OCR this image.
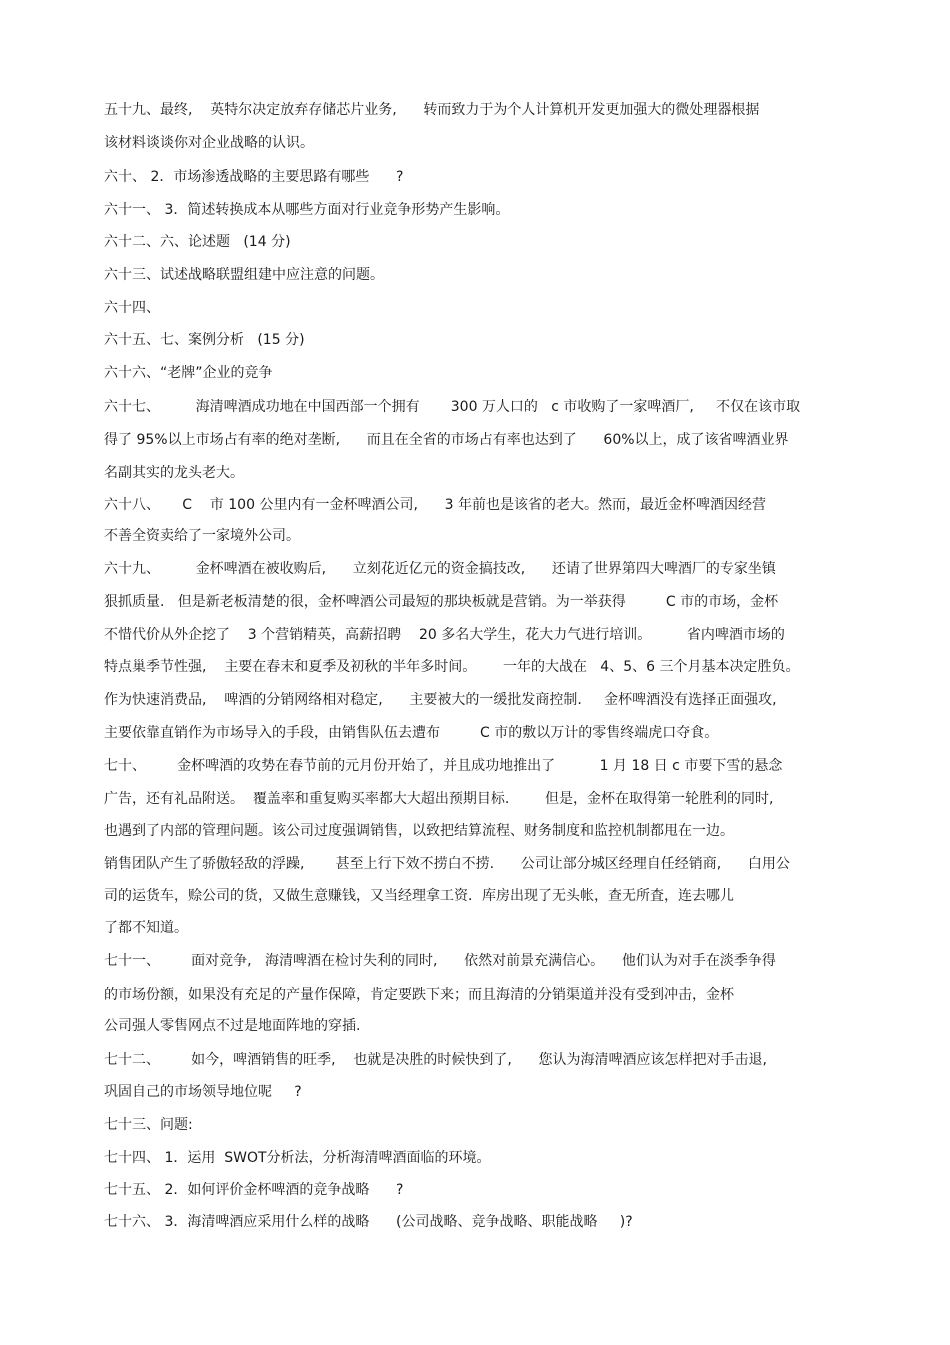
五十九、最终,    英特尔决定放弃存储芯片业务,      转而致力于为个人计算机开发更加强大的微处理器根据
该材料谈谈你对企业战略的认识。
六十、 2．市场渗透战略的主要思路有哪些      ?
六十一、 3．简述转换成本从哪些方面对行业竞争形势产生影响。
六十二、六、论述题   (14 分)
六十三、试述战略联盟组建中应注意的问题。
六十四、
六十五、七、案例分析   (15 分)
六十六、“老牌”企业的竞争
六十七、        海清啤酒成功地在中国西部一个拥有       300 万人口的   c 市收购了一家啤酒厂,     不仅在该市取
得了 95%以上市场占有率的绝对垄断,      而且在全省的市场占有率也达到了      60%以上，成了该省啤酒业界
名副其实的龙头老大。
六十八、     C    市 100 公里内有一金杯啤酒公司,      3 年前也是该省的老大。然而，最近金杯啤酒因经营
不善全资卖给了一家境外公司。
六十九、        金杯啤酒在被收购后,      立刻花近亿元的资金搞技改,      还请了世界第四大啤酒厂的专家坐镇
狠抓质量.   但是新老板清楚的很，金杯啤酒公司最短的那块板就是营销。为一举获得         C 市的市场，金杯
不惜代价从外企挖了    3 个营销精英，高薪招聘    20 多名大学生，花大力气进行培训。        省内啤酒市场的
特点巢季节性强,    主要在春末和夏季及初秋的半年多时间。      一年的大战在   4、5、6 三个月基本决定胜负。
作为快速消费品,    啤酒的分销网络相对稳定,      主要被大的一缓批发商控制.     金杯啤酒没有选择正面强攻,
主要依靠直销作为市场导入的手段，由销售队伍去遭布         C 市的敷以万计的零售终端虎口夺食。
七十、       金杯啤酒的攻势在春节前的元月份开始了，并且成功地推出了          1 月 18 日 c 市要下雪的悬念
广告，还有礼品附送。  覆盖率和重复购买率都大大超出预期目标.        但是，金杯在取得第一轮胜利的同时,
也遇到了内部的管理问题。该公司过度强调销售，以致把结算流程、财务制度和监控机制都甩在一边。
销售团队产生了骄傲轻敌的浮躁,       甚至上行下效不捞白不捞.      公司让部分城区经理自任经销商,      白用公
司的运货车，赊公司的货，又做生意赚钱，又当经理拿工资．库房出现了无头帐，查无所査，连去哪儿
了都不知道。
七十一、       面对竞争,   海清啤酒在检讨失利的同时,      依然对前景充满信心。    他们认为对手在淡季争得
的市场份额，如果没有充足的产量作保障，肯定要跌下来；而且海清的分销渠道并没有受到冲击，金杯
公司强人零售网点不过是地面阵地的穿插.
七十二、       如今，啤酒销售的旺季,    也就是决胜的时候快到了,      您认为海清啤酒应该怎样把对手击退,
巩固自己的市场领导地位呢     ?
七十三、问题:
七十四、 1．运用  SWOT分析法，分析海清啤酒面临的环境。
七十五、 2．如何评价金杯啤酒的竞争战略      ?
七十六、 3．海清啤酒应采用什么样的战略      (公司战略、竞争战略、职能战略     )?
